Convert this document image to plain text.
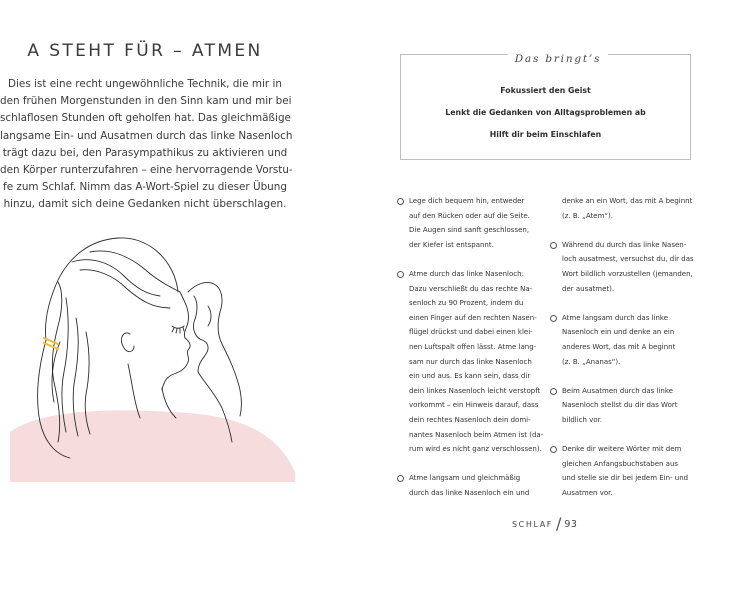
A STEHT FÜR – ATMEN

Dies ist eine recht ungewöhnliche Technik, die mir in
den frühen Morgenstunden in den Sinn kam und mir bei
schlaflosen Stunden oft geholfen hat. Das gleichmäßige
langsame Ein- und Ausatmen durch das linke Nasenloch
trägt dazu bei, den Parasympathikus zu aktivieren und
den Körper runterzufahren – eine hervorragende Vorstu-
fe zum Schlaf. Nimm das A-Wort-Spiel zu dieser Übung
hinzu, damit sich deine Gedanken nicht überschlagen.

Das bringt’s
Fokussiert den Geist
Lenkt die Gedanken von Alltagsproblemen ab
Hilft dir beim Einschlafen
Lege dich bequem hin, entweder
auf den Rücken oder auf die Seite.
Die Augen sind sanft geschlossen,
der Kiefer ist entspannt.
Atme durch das linke Nasenloch:
Dazu verschließt du das rechte Na-
senloch zu 90 Prozent, indem du
einen Finger auf den rechten Nasen-
flügel drückst und dabei einen klei-
nen Luftspalt offen lässt. Atme lang-
sam nur durch das linke Nasenloch
ein und aus. Es kann sein, dass dir
dein linkes Nasenloch leicht verstopft
vorkommt – ein Hinweis darauf, dass
dein rechtes Nasenloch dein domi-
nantes Nasenloch beim Atmen ist (da-
rum wird es nicht ganz verschlossen).
Atme langsam und gleichmäßig
durch das linke Nasenloch ein und
denke an ein Wort, das mit A beginnt
(z. B. „Atem“).
Während du durch das linke Nasen-
loch ausatmest, versuchst du, dir das
Wort bildlich vorzustellen (jemanden,
der ausatmet).
Atme langsam durch das linke
Nasenloch ein und denke an ein
anderes Wort, das mit A beginnt
(z. B. „Ananas“).
Beim Ausatmen durch das linke
Nasenloch stellst du dir das Wort
bildlich vor.
Denke dir weitere Wörter mit dem
gleichen Anfangsbuchstaben aus
und stelle sie dir bei jedem Ein- und
Ausatmen vor.
SCHLAF / 93
